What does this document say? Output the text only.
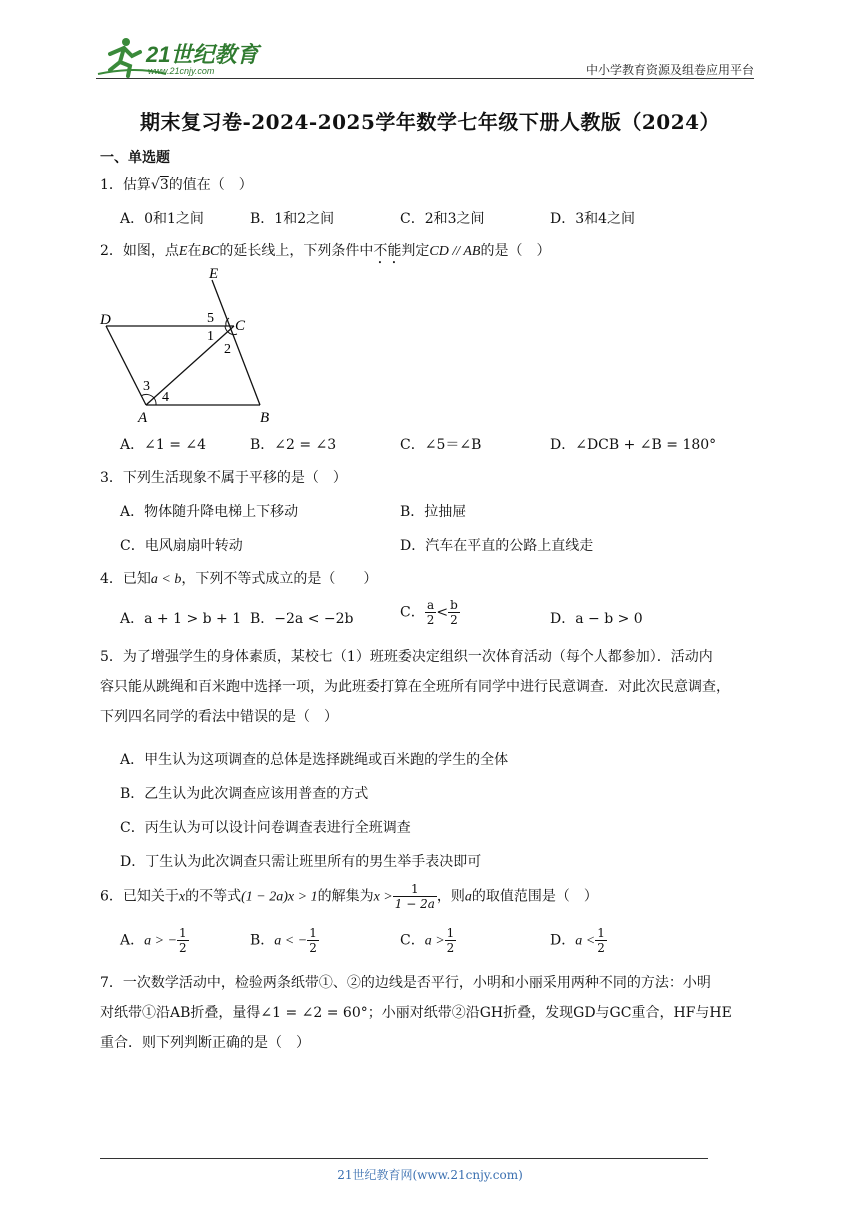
21世纪教育
www.21cnjy.com	中小学教育资源及组卷应用平台
期末复习卷-2024-2025学年数学七年级下册人教版（2024）
一、单选题
1．估算√3的值在（　）
A．0和1之间	B．1和2之间	C．2和3之间	D．3和4之间
2．如图，点E在BC的延长线上，下列条件中不能判定CD // AB的是（　）
E
D	C
A	B
1
2
3
4
5
A．∠1 = ∠4	B．∠2 = ∠3	C．∠5＝∠B	D．∠DCB + ∠B = 180°
3．下列生活现象不属于平移的是（　）
A．物体随升降电梯上下移动	B．拉抽屉
C．电风扇扇叶转动	D．汽车在平直的公路上直线走
4．已知a < b，下列不等式成立的是（　　）
A．a + 1 > b + 1 B．−2a < −2b	C． $\frac{a}{2} < \frac{b}{2}$	D．a − b > 0
5．为了增强学生的身体素质，某校七（1）班班委决定组织一次体育活动（每个人都参加）．活动内
容只能从跳绳和百米跑中选择一项，为此班委打算在全班所有同学中进行民意调查．对此次民意调查，
下列四名同学的看法中错误的是（　）
A．甲生认为这项调查的总体是选择跳绳或百米跑的学生的全体
B．乙生认为此次调查应该用普查的方式
C．丙生认为可以设计问卷调查表进行全班调查
D．丁生认为此次调查只需让班里所有的男生举手表决即可
6．已知关于x的不等式(1 − 2a)x > 1的解集为$x > \frac{1}{1 - 2a}$ ，则a的取值范围是（　）
A．a > − $\frac{1}{2}$	B．a < − $\frac{1}{2}$	C．$a > \frac{1}{2}$	D．$a < \frac{1}{2}$
7．一次数学活动中，检验两条纸带①、②的边线是否平行，小明和小丽采用两种不同的方法：小明
对纸带①沿AB折叠，量得∠1 = ∠2 = 60°；小丽对纸带②沿GH折叠，发现GD与GC重合，HF与HE
重合．则下列判断正确的是（　）
21世纪教育网(www.21cnjy.com)
